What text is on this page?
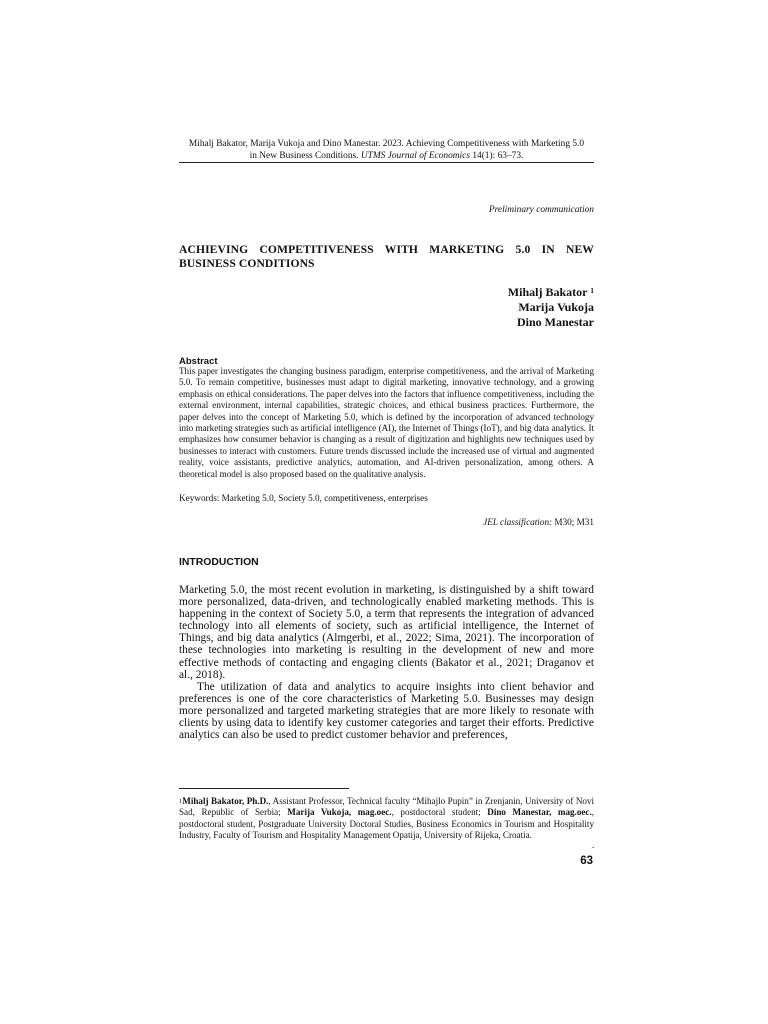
Mihalj Bakator, Marija Vukoja and Dino Manestar. 2023. Achieving Competitiveness with Marketing 5.0
in New Business Conditions. UTMS Journal of Economics 14(1): 63–73.
Preliminary communication
ACHIEVING COMPETITIVENESS WITH MARKETING 5.0 IN NEW BUSINESS CONDITIONS
Mihalj Bakator $^1$
Marija Vukoja
Dino Manestar
Abstract
This paper investigates the changing business paradigm, enterprise competitiveness, and the arrival of Marketing 5.0. To remain competitive, businesses must adapt to digital marketing, innovative technology, and a growing emphasis on ethical considerations. The paper delves into the factors that influence competitiveness, including the external environment, internal capabilities, strategic choices, and ethical business practices. Furthermore, the paper delves into the concept of Marketing 5.0, which is defined by the incorporation of advanced technology into marketing strategies such as artificial intelligence (AI), the Internet of Things (IoT), and big data analytics. It emphasizes how consumer behavior is changing as a result of digitization and highlights new techniques used by businesses to interact with customers. Future trends discussed include the increased use of virtual and augmented reality, voice assistants, predictive analytics, automation, and AI-driven personalization, among others. A theoretical model is also proposed based on the qualitative analysis.
Keywords: Marketing 5.0, Society 5.0, competitiveness, enterprises
JEL classification: M30; M31
INTRODUCTION

Marketing 5.0, the most recent evolution in marketing, is distinguished by a shift toward more personalized, data-driven, and technologically enabled marketing methods. This is happening in the context of Society 5.0, a term that represents the integration of advanced technology into all elements of society, such as artificial intelligence, the Internet of Things, and big data analytics (Almgerbi, et al., 2022; Sima, 2021). The incorporation of these technologies into marketing is resulting in the development of new and more effective methods of contacting and engaging clients (Bakator et al., 2021; Draganov et al., 2018).

The utilization of data and analytics to acquire insights into client behavior and preferences is one of the core characteristics of Marketing 5.0. Businesses may design more personalized and targeted marketing strategies that are more likely to resonate with clients by using data to identify key customer categories and target their efforts. Predictive analytics can also be used to predict customer behavior and preferences,

$^1$Mihalj Bakator, Ph.D., Assistant Professor, Technical faculty “Mihajlo Pupin” in Zrenjanin, University of Novi Sad, Republic of Serbia; Marija Vukoja, mag.oec., postdoctoral student; Dino Manestar, mag.oec., postdoctoral student, Postgraduate University Doctoral Studies, Business Economics in Tourism and Hospitality Industry, Faculty of Tourism and Hospitality Management Opatija, University of Rijeka, Croatia.
.
63
